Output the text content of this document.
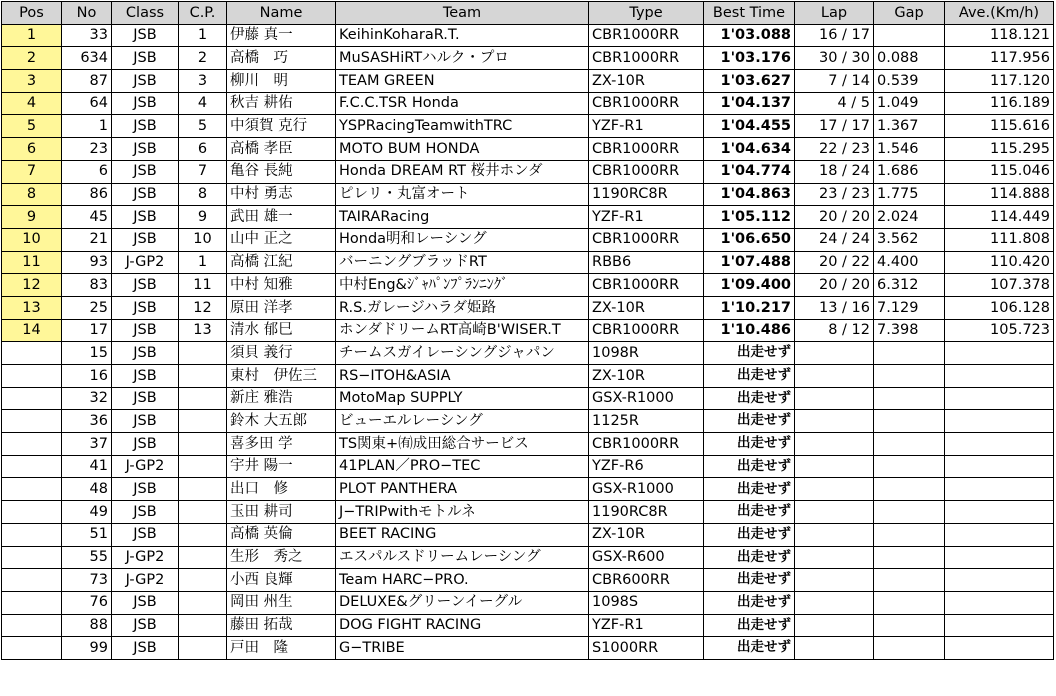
Pos	No	Class	C.P.	Name	Team	Type	Best Time	Lap	Gap	Ave.(Km/h)
1	33	JSB	1	伊藤 真一	KeihinKoharaR.T.	CBR1000RR	1'03.088	16 / 17		118.121
2	634	JSB	2	高橋　巧	MuSASHiRTハルク・プロ	CBR1000RR	1'03.176	30 / 30	0.088	117.956
3	87	JSB	3	柳川　明	TEAM GREEN	ZX-10R	1'03.627	7 / 14	0.539	117.120
4	64	JSB	4	秋吉 耕佑	F.C.C.TSR Honda	CBR1000RR	1'04.137	4 / 5	1.049	116.189
5	1	JSB	5	中須賀 克行	YSPRacingTeamwithTRC	YZF-R1	1'04.455	17 / 17	1.367	115.616
6	23	JSB	6	高橋 孝臣	MOTO BUM HONDA	CBR1000RR	1'04.634	22 / 23	1.546	115.295
7	6	JSB	7	亀谷 長純	Honda DREAM RT 桜井ホンダ	CBR1000RR	1'04.774	18 / 24	1.686	115.046
8	86	JSB	8	中村 勇志	ピレリ・丸富オート	1190RC8R	1'04.863	23 / 23	1.775	114.888
9	45	JSB	9	武田 雄一	TAIRARacing	YZF-R1	1'05.112	20 / 20	2.024	114.449
10	21	JSB	10	山中 正之	Honda明和レーシング	CBR1000RR	1'06.650	24 / 24	3.562	111.808
11	93	J-GP2	1	高橋 江紀	バーニングブラッドRT	RBB6	1'07.488	20 / 22	4.400	110.420
12	83	JSB	11	中村 知雅	中村Eng&ｼﾞｬﾊﾟﾝﾌﾟﾗﾝﾆﾝｸﾞ	CBR1000RR	1'09.400	20 / 20	6.312	107.378
13	25	JSB	12	原田 洋孝	R.S.ガレージハラダ姫路	ZX-10R	1'10.217	13 / 16	7.129	106.128
14	17	JSB	13	清水 郁巳	ホンダドリームRT高崎B'WISER.T	CBR1000RR	1'10.486	8 / 12	7.398	105.723
	15	JSB		須貝 義行	チームスガイレーシングジャパン	1098R	出走せず			
	16	JSB		東村　伊佐三	RS−ITOH&ASIA	ZX-10R	出走せず			
	32	JSB		新庄 雅浩	MotoMap SUPPLY	GSX-R1000	出走せず			
	36	JSB		鈴木 大五郎	ビューエルレーシング	1125R	出走せず			
	37	JSB		喜多田 学	TS関東+㈲成田総合サービス	CBR1000RR	出走せず			
	41	J-GP2		宇井 陽一	41PLAN／PRO−TEC	YZF-R6	出走せず			
	48	JSB		出口　修	PLOT PANTHERA	GSX-R1000	出走せず			
	49	JSB		玉田 耕司	J−TRIPwithモトルネ	1190RC8R	出走せず			
	51	JSB		高橋 英倫	BEET RACING	ZX-10R	出走せず			
	55	J-GP2		生形　秀之	エスパルスドリームレーシング	GSX-R600	出走せず			
	73	J-GP2		小西 良輝	Team HARC−PRO.	CBR600RR	出走せず			
	76	JSB		岡田 州生	DELUXE&グリーンイーグル	1098S	出走せず			
	88	JSB		藤田 拓哉	DOG FIGHT RACING	YZF-R1	出走せず			
	99	JSB		戸田　隆	G−TRIBE	S1000RR	出走せず			
